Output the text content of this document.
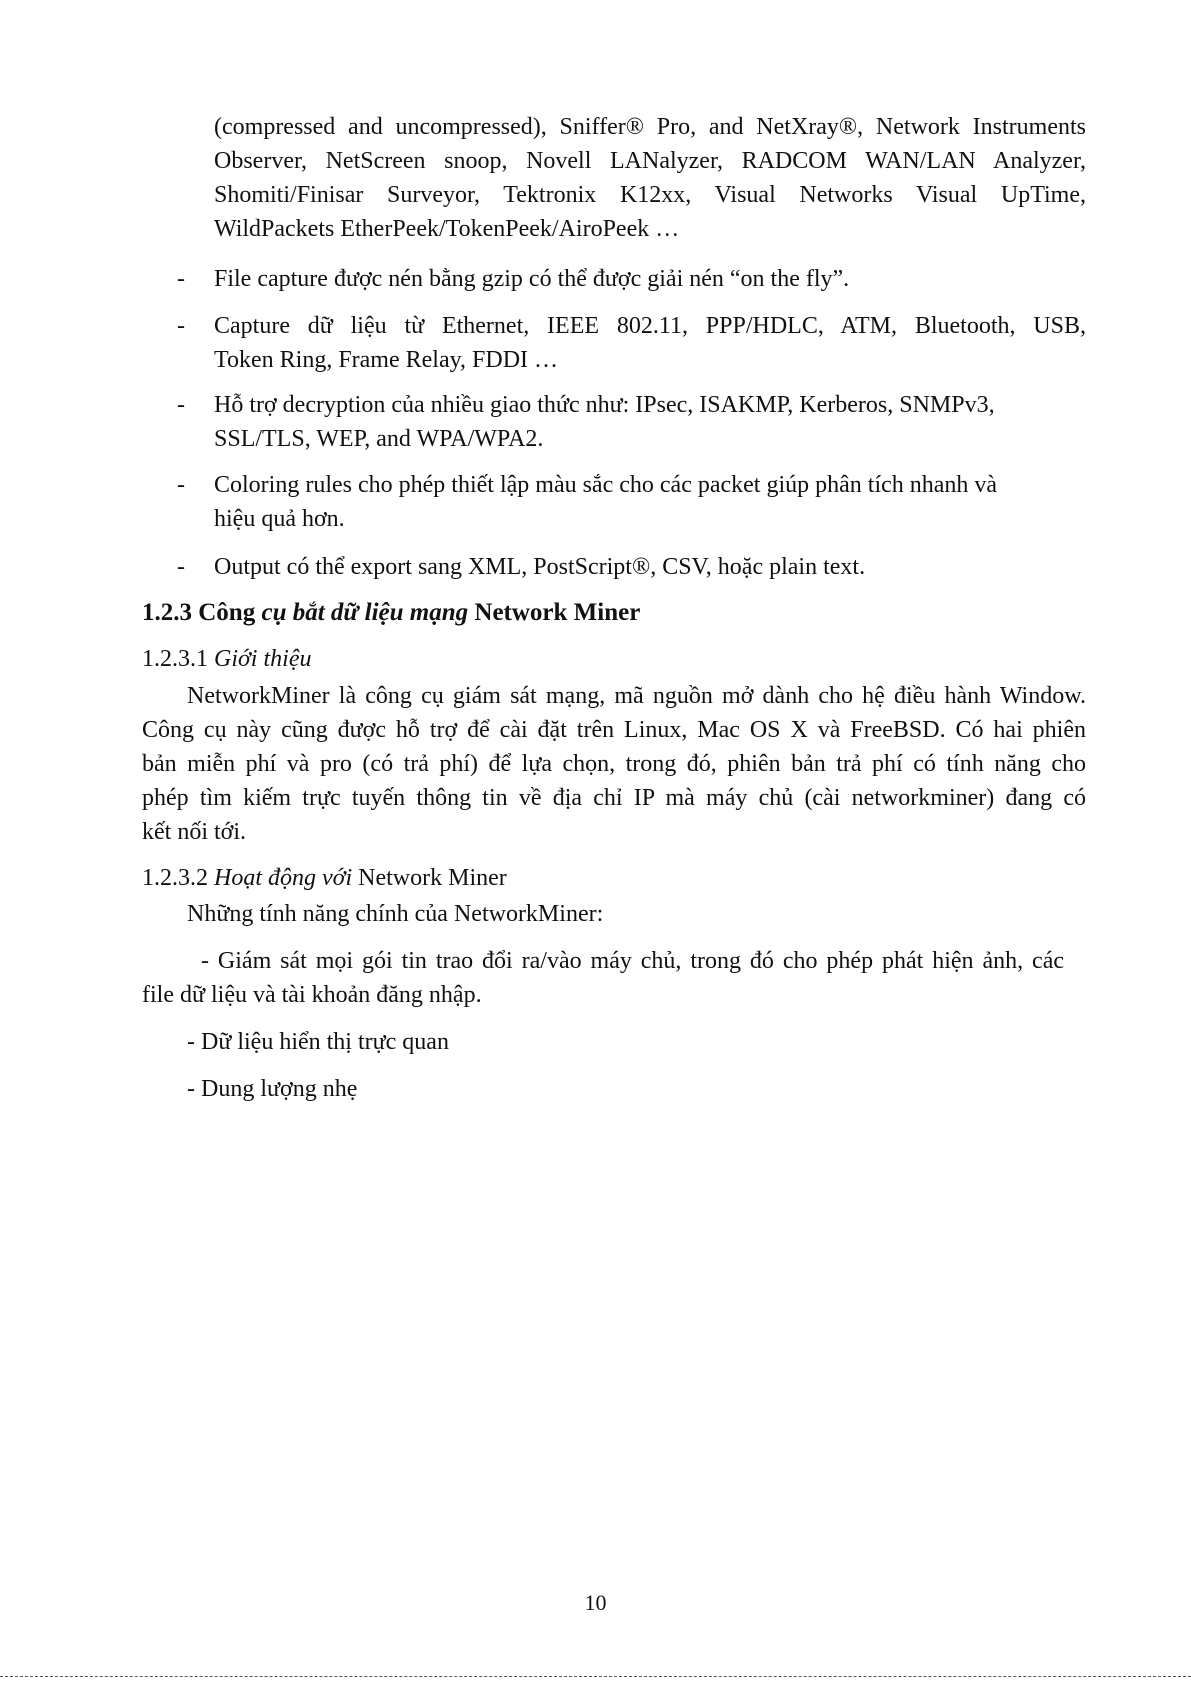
(compressed and uncompressed), Sniffer® Pro, and NetXray®, Network Instruments
Observer, NetScreen snoop, Novell LANalyzer, RADCOM WAN/LAN Analyzer,
Shomiti/Finisar Surveyor, Tektronix K12xx, Visual Networks Visual UpTime,
WildPackets EtherPeek/TokenPeek/AiroPeek …
- File capture được nén bằng gzip có thể được giải nén “on the fly”.
- Capture dữ liệu từ Ethernet, IEEE 802.11, PPP/HDLC, ATM, Bluetooth, USB,
Token Ring, Frame Relay, FDDI …
- Hỗ trợ decryption của nhiều giao thức như: IPsec, ISAKMP, Kerberos, SNMPv3,
SSL/TLS, WEP, and WPA/WPA2.
- Coloring rules cho phép thiết lập màu sắc cho các packet giúp phân tích nhanh và
hiệu quả hơn.
- Output có thể export sang XML, PostScript®, CSV, hoặc plain text.
1.2.3 Công cụ bắt dữ liệu mạng Network Miner
1.2.3.1 Giới thiệu
NetworkMiner là công cụ giám sát mạng, mã nguồn mở dành cho hệ điều hành Window.
Công cụ này cũng được hỗ trợ để cài đặt trên Linux, Mac OS X và FreeBSD. Có hai phiên
bản miễn phí và pro (có trả phí) để lựa chọn, trong đó, phiên bản trả phí có tính năng cho
phép tìm kiếm trực tuyến thông tin về địa chỉ IP mà máy chủ (cài networkminer) đang có
kết nối tới.
1.2.3.2 Hoạt động với Network Miner
Những tính năng chính của NetworkMiner:
- Giám sát mọi gói tin trao đổi ra/vào máy chủ, trong đó cho phép phát hiện ảnh, các
file dữ liệu và tài khoản đăng nhập.
- Dữ liệu hiển thị trực quan
- Dung lượng nhẹ
10
